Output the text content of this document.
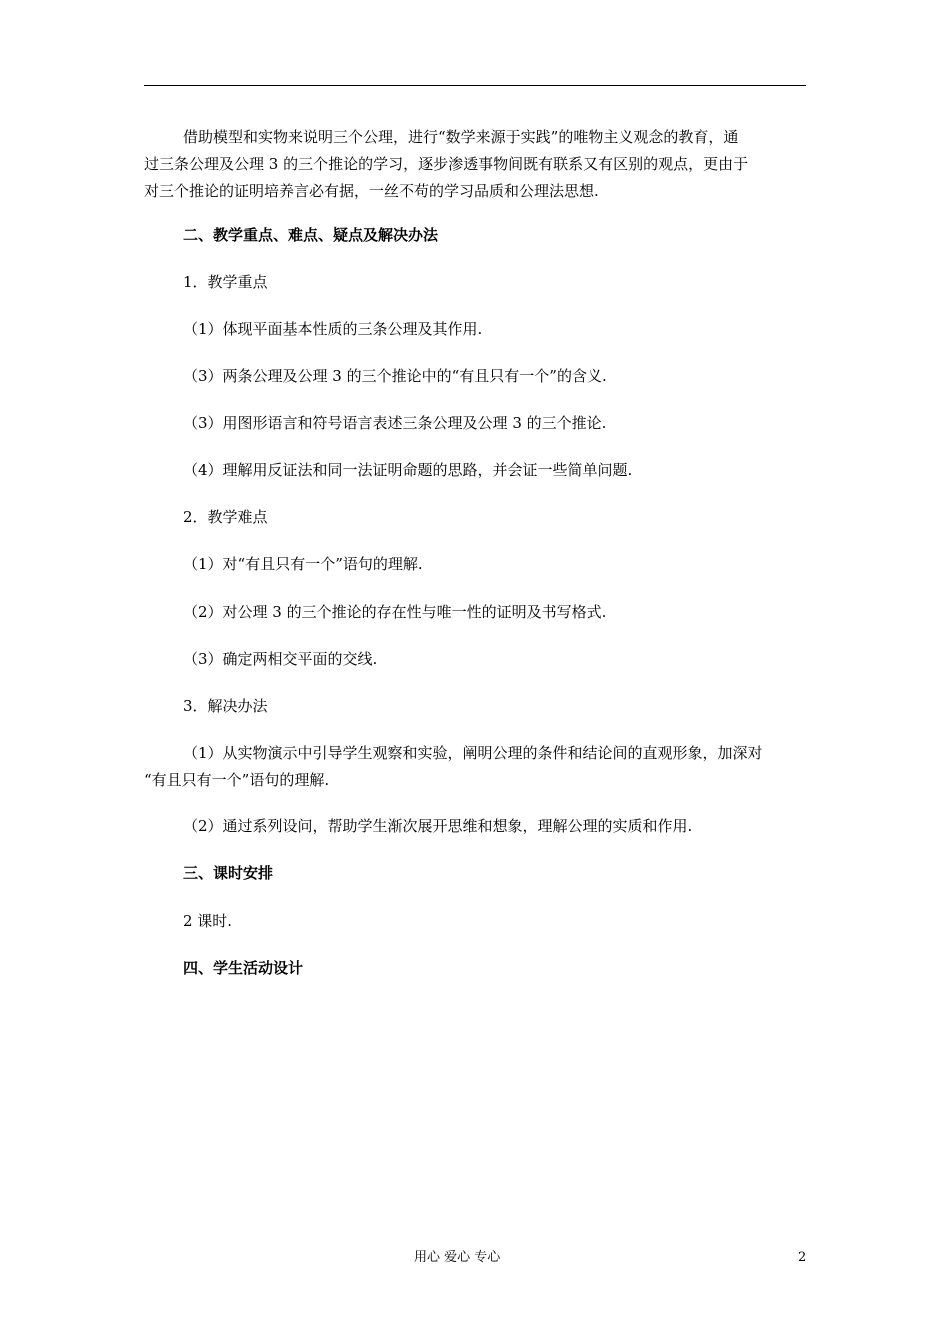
借助模型和实物来说明三个公理，进行“数学来源于实践”的唯物主义观念的教育，通
过三条公理及公理 3 的三个推论的学习，逐步渗透事物间既有联系又有区别的观点，更由于
对三个推论的证明培养言必有据，一丝不苟的学习品质和公理法思想.
二、教学重点、难点、疑点及解决办法
1．教学重点
（1）体现平面基本性质的三条公理及其作用.
（3）两条公理及公理 3 的三个推论中的“有且只有一个”的含义.
（3）用图形语言和符号语言表述三条公理及公理 3 的三个推论.
（4）理解用反证法和同一法证明命题的思路，并会证一些简单问题.
2．教学难点
（1）对“有且只有一个”语句的理解.
（2）对公理 3 的三个推论的存在性与唯一性的证明及书写格式.
（3）确定两相交平面的交线.
3．解决办法
（1）从实物演示中引导学生观察和实验，阐明公理的条件和结论间的直观形象，加深对
“有且只有一个”语句的理解.
（2）通过系列设问，帮助学生渐次展开思维和想象，理解公理的实质和作用.
三、课时安排
2 课时.
四、学生活动设计
用心 爱心 专心	2
